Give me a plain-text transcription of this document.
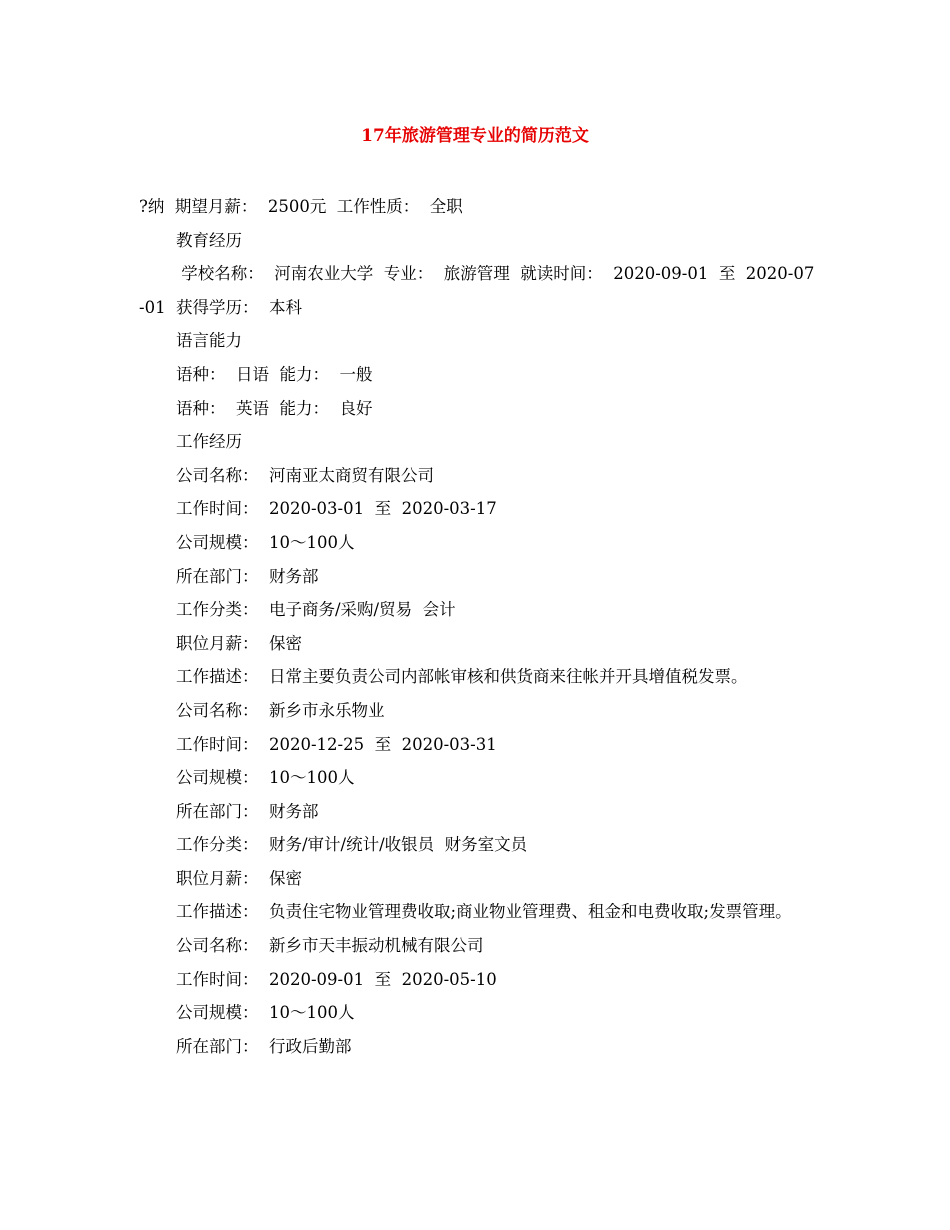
17年旅游管理专业的简历范文

?纳  期望月薪：  2500元  工作性质：  全职

教育经历

学校名称：  河南农业大学  专业：  旅游管理  就读时间：  2020-09-01  至  2020-07-01  获得学历：  本科

语言能力

语种：  日语  能力：  一般

语种：  英语  能力：  良好

工作经历

公司名称：  河南亚太商贸有限公司

工作时间：  2020-03-01  至  2020-03-17

公司规模：  10～100人

所在部门：  财务部

工作分类：  电子商务/采购/贸易  会计

职位月薪：  保密

工作描述：  日常主要负责公司内部帐审核和供货商来往帐并开具增值税发票。

公司名称：  新乡市永乐物业

工作时间：  2020-12-25  至  2020-03-31

公司规模：  10～100人

所在部门：  财务部

工作分类：  财务/审计/统计/收银员  财务室文员

职位月薪：  保密

工作描述：  负责住宅物业管理费收取;商业物业管理费、租金和电费收取;发票管理。

公司名称：  新乡市天丰振动机械有限公司

工作时间：  2020-09-01  至  2020-05-10

公司规模：  10～100人

所在部门：  行政后勤部
